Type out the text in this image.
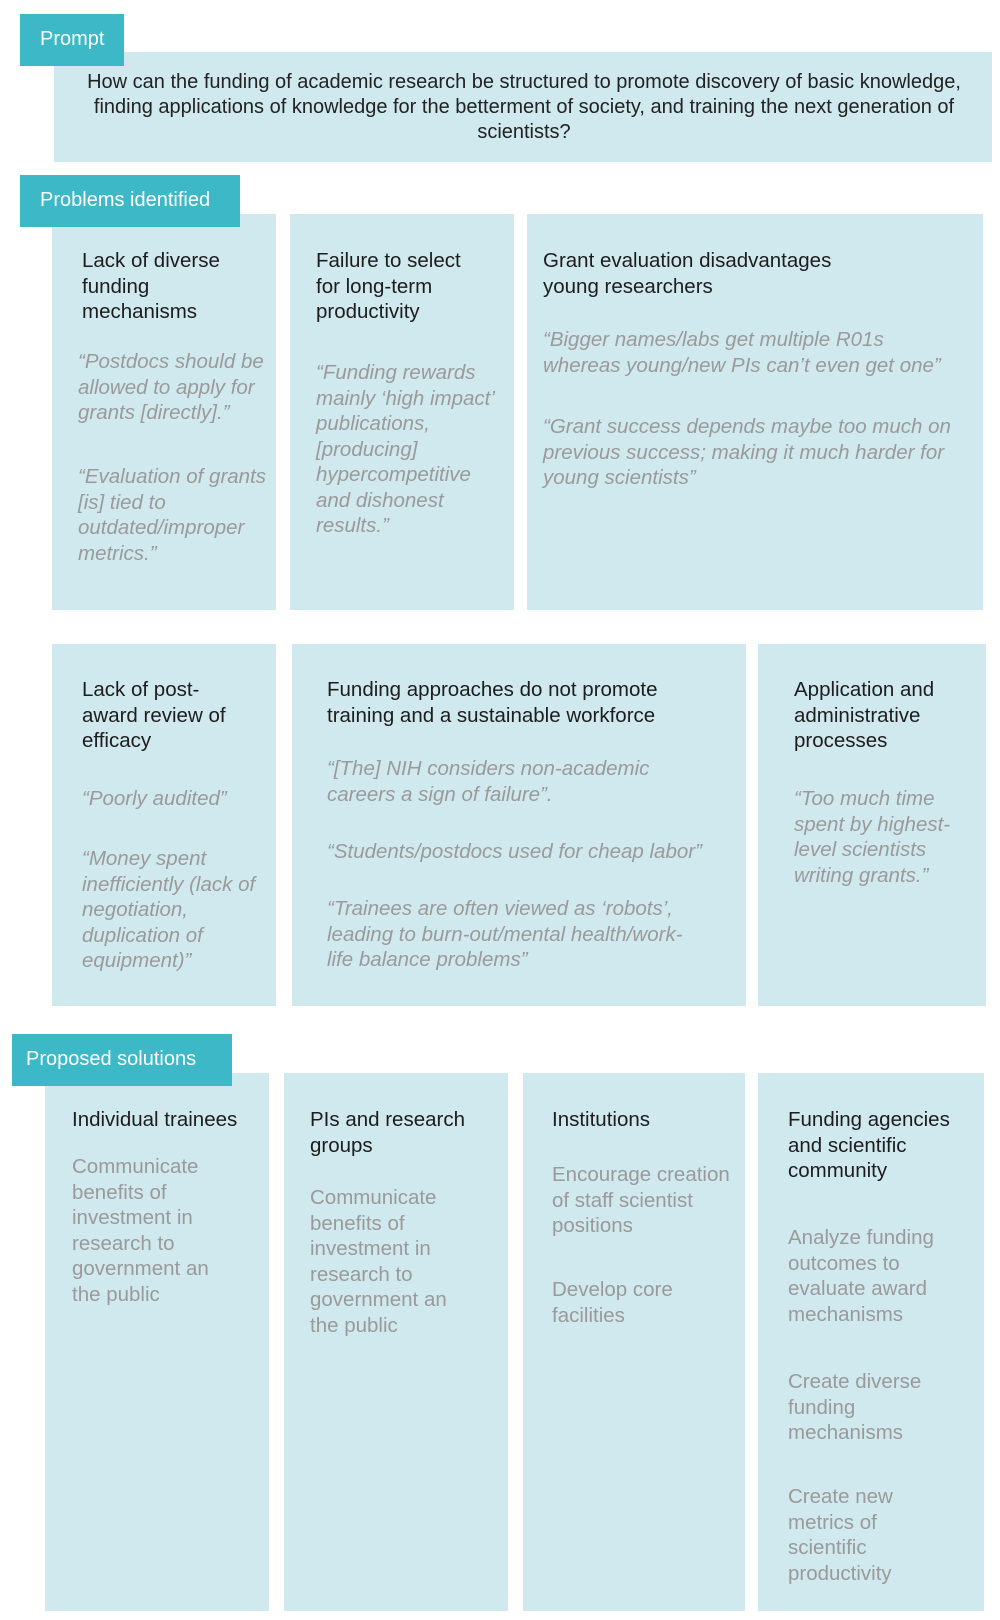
Prompt
How can the funding of academic research be structured to promote discovery of basic knowledge, finding applications of knowledge for the betterment of society, and training the next generation of scientists?
Problems identified
Lack of diverse funding mechanisms
“Postdocs should be allowed to apply for grants [directly].”
“Evaluation of grants [is] tied to outdated/improper metrics.”
Failure to select for long-term productivity
“Funding rewards mainly ‘high impact’ publications, [producing] hypercompetitive and dishonest results.”
Grant evaluation disadvantages young researchers
“Bigger names/labs get multiple R01s whereas young/new PIs can’t even get one”
“Grant success depends maybe too much on previous success; making it much harder for young scientists”
Lack of post-award review of efficacy
“Poorly audited”
“Money spent inefficiently (lack of negotiation, duplication of equipment)”
Funding approaches do not promote training and a sustainable workforce
“[The] NIH considers non-academic careers a sign of failure”.
“Students/postdocs used for cheap labor”
“Trainees are often viewed as ‘robots’, leading to burn-out/mental health/work-life balance problems”
Application and administrative processes
“Too much time spent by highest-level scientists writing grants.”
Proposed solutions
Individual trainees
Communicate benefits of investment in research to government an the public
PIs and research groups
Communicate benefits of investment in research to government an the public
Institutions
Encourage creation of staff scientist positions
Develop core facilities
Funding agencies and scientific community
Analyze funding outcomes to evaluate award mechanisms
Create diverse funding mechanisms
Create new metrics of scientific productivity
